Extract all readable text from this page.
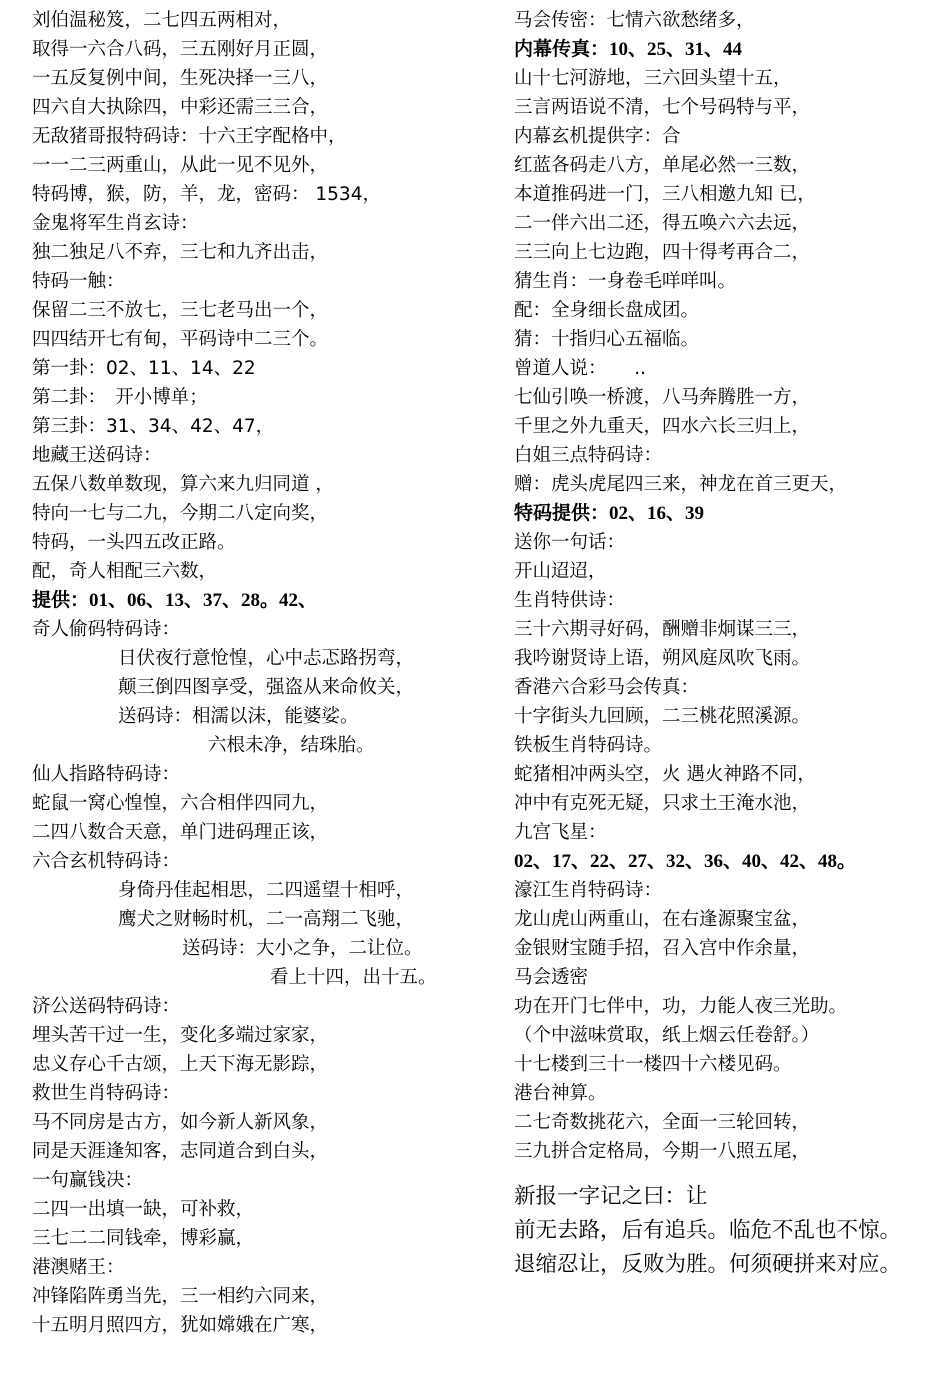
刘伯温秘笈，二七四五两相对，
取得一六合八码，三五刚好月正圆，
一五反复例中间，生死决择一三八，
四六自大执除四，中彩还需三三合，
无敌猪哥报特码诗：十六王字配格中，
一一二三两重山，从此一见不见外，
特码博，猴，防，羊，龙，密码： 1534，
金鬼将军生肖玄诗：
独二独足八不弃，三七和九齐出击，
特码一触：
保留二三不放七，三七老马出一个，
四四结开七有甸，平码诗中二三个。
第一卦：02、11、14、22
第二卦：　开小博单；
第三卦：31、34、42、47，
地藏王送码诗：
五保八数单数现，算六来九归同道 ，
特向一七与二九，今期二八定向奖，
特码，一头四五改正路。
配，奇人相配三六数，
提供：01、06、13、37、28。42、
奇人偷码特码诗：
日伏夜行意怆惶，心中忐忑路拐弯，
颠三倒四图享受，强盗从来命攸关，
送码诗：相濡以沫，能婆娑。
六根未净，结珠胎。
仙人指路特码诗：
蛇鼠一窝心惶惶，六合相伴四同九，
二四八数合天意，单门进码理正该，
六合玄机特码诗：
身倚丹佳起相思，二四遥望十相呼，
鹰犬之财畅时机，二一高翔二飞驰，
送码诗：大小之争，二让位。
看上十四，出十五。
济公送码特码诗：
埋头苦干过一生，变化多端过家家，
忠义存心千古颂，上天下海无影踪，
救世生肖特码诗：
马不同房是古方，如今新人新风象，
同是天涯逢知客，志同道合到白头，
一句赢钱决：
二四一出填一缺，可补救，
三七二二同钱牵，博彩赢，
港澳赌王：
冲锋陷阵勇当先，三一相约六同来，
十五明月照四方，犹如嫦娥在广寒，
马会传密：七情六欲愁绪多，
内幕传真：10、25、31、44
山十七河游地，三六回头望十五，
三言两语说不清，七个号码特与平，
内幕玄机提供字：合
红蓝各码走八方，单尾必然一三数，
本道推码进一门，三八相邀九知 已，
二一伴六出二还，得五唤六六去远，
三三向上七边跑，四十得考再合二，
猜生肖：一身卷毛咩咩叫。
配：全身细长盘成团。
猜：十指归心五福临。
曾道人说：　　..
七仙引唤一桥渡，八马奔腾胜一方，
千里之外九重天，四水六长三归上，
白姐三点特码诗：
赠：虎头虎尾四三来，神龙在首三更天，
特码提供：02、16、39
送你一句话：
开山迢迢，
生肖特供诗：
三十六期寻好码，酬赠非炯谋三三，
我吟谢贤诗上语，朔风庭凤吹飞雨。
香港六合彩马会传真：
十字街头九回顾，二三桃花照溪源。
铁板生肖特码诗。
蛇猪相冲两头空，火 遇火神路不同，
冲中有克死无疑，只求土王淹水池，
九宫飞星：
02、17、22、27、32、36、40、42、48。
濠江生肖特码诗：
龙山虎山两重山，在右逢源聚宝盆，
金银财宝随手招，召入宫中作余量，
马会透密
功在开门七伴中，功，力能人夜三光助。
（个中滋味赏取，纸上烟云任卷舒。）
十七楼到三十一楼四十六楼见码。
港台神算。
二七奇数挑花六，全面一三轮回转，
三九拼合定格局，今期一八照五尾，
新报一字记之曰：让
前无去路，后有追兵。临危不乱也不惊。
退缩忍让，反败为胜。何须硬拼来对应。
